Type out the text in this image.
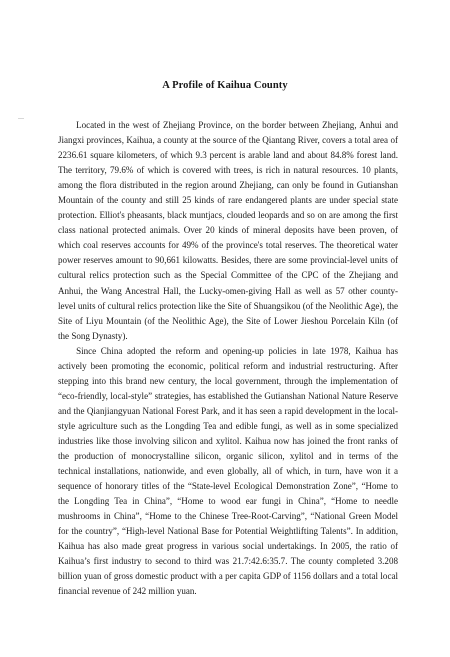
A Profile of Kaihua County

Located in the west of Zhejiang Province, on the border between Zhejiang, Anhui and Jiangxi provinces, Kaihua, a county at the source of the Qiantang River, covers a total area of 2236.61 square kilometers, of which 9.3 percent is arable land and about 84.8% forest land. The territory, 79.6% of which is covered with trees, is rich in natural resources. 10 plants, among the flora distributed in the region around Zhejiang, can only be found in Gutianshan Mountain of the county and still 25 kinds of rare endangered plants are under special state protection. Elliot's pheasants, black muntjacs, clouded leopards and so on are among the first class national protected animals. Over 20 kinds of mineral deposits have been proven, of which coal reserves accounts for 49% of the province's total reserves. The theoretical water power reserves amount to 90,661 kilowatts. Besides, there are some provincial-level units of cultural relics protection such as the Special Committee of the CPC of the Zhejiang and Anhui, the Wang Ancestral Hall, the Lucky-omen-giving Hall as well as 57 other county-level units of cultural relics protection like the Site of Shuangsikou (of the Neolithic Age), the Site of Liyu Mountain (of the Neolithic Age), the Site of Lower Jieshou Porcelain Kiln (of the Song Dynasty).

Since China adopted the reform and opening-up policies in late 1978, Kaihua has actively been promoting the economic, political reform and industrial restructuring. After stepping into this brand new century, the local government, through the implementation of “eco-friendly, local-style” strategies, has established the Gutianshan National Nature Reserve and the Qianjiangyuan National Forest Park, and it has seen a rapid development in the local-style agriculture such as the Longding Tea and edible fungi, as well as in some specialized industries like those involving silicon and xylitol. Kaihua now has joined the front ranks of the production of monocrystalline silicon, organic silicon, xylitol and in terms of the technical installations, nationwide, and even globally, all of which, in turn, have won it a sequence of honorary titles of the “State-level Ecological Demonstration Zone”, “Home to the Longding Tea in China”, “Home to wood ear fungi in China”, “Home to needle mushrooms in China”, “Home to the Chinese Tree-Root-Carving”, “National Green Model for the country”, “High-level National Base for Potential Weightlifting Talents”. In addition, Kaihua has also made great progress in various social undertakings. In 2005, the ratio of Kaihua’s first industry to second to third was 21.7:42.6:35.7. The county completed 3.208 billion yuan of gross domestic product with a per capita GDP of 1156 dollars and a total local financial revenue of 242 million yuan.
